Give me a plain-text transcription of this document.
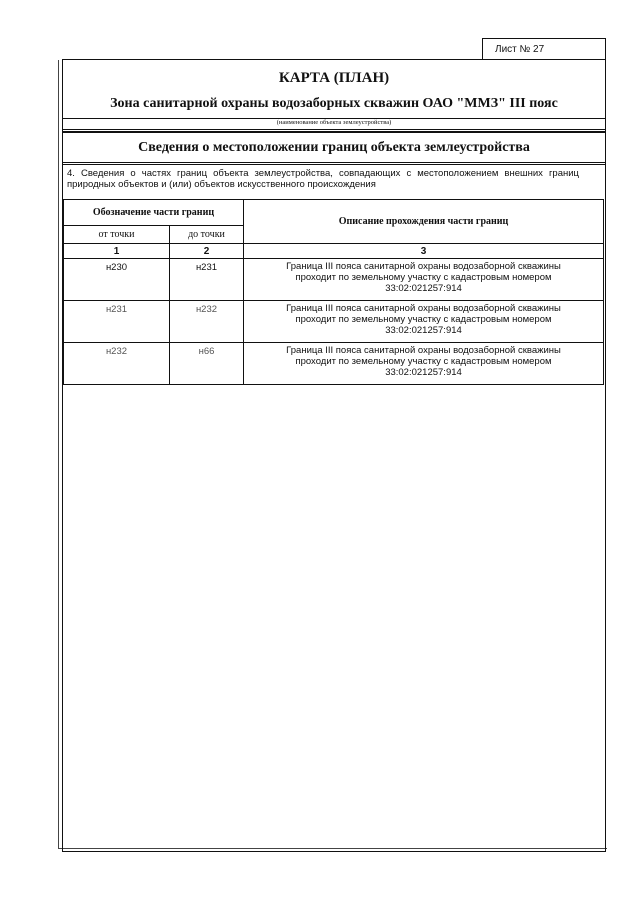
Лист № 27
КАРТА (ПЛАН)
Зона санитарной охраны водозаборных скважин ОАО "ММЗ" III пояс
(наименование объекта землеустройства)
Сведения о местоположении границ объекта землеустройства
4. Сведения о частях границ объекта землеустройства, совпадающих с местоположением внешних границ природных объектов и (или) объектов искусственного происхождения
Обозначение части границ		Описание прохождения части границ
от точки	до точки	
1	2	3
н230	н231	Граница III пояса санитарной охраны водозаборной скважины
проходит по земельному участку с кадастровым номером
33:02:021257:914

н231	н232	Граница III пояса санитарной охраны водозаборной скважины
проходит по земельному участку с кадастровым номером
33:02:021257:914

н232	н66	Граница III пояса санитарной охраны водозаборной скважины
проходит по земельному участку с кадастровым номером
33:02:021257:914
